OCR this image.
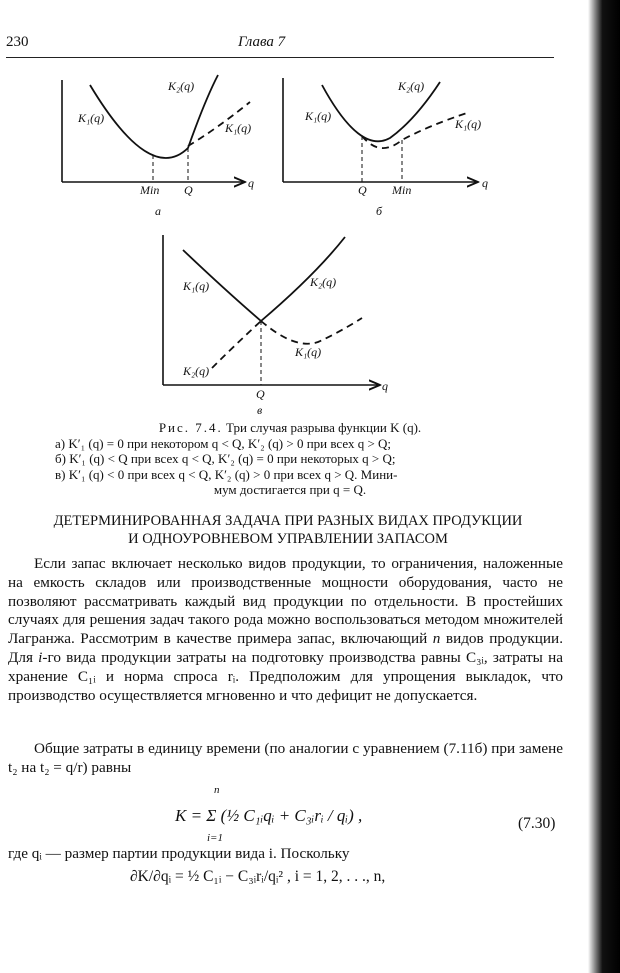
230	Глава 7
K₂(q)
K₁(q)
K₁(q)
Min Q	q
а
K₂(q)
K₁(q)
K₁(q)
Q Min	q
б
K₁(q)	K₂(q)
K₁(q)
K₂(q)
Q
q
в
Рис. 7.4. Три случая разрыва функции K (q).
а) K′₁ (q) = 0 при некотором q < Q, K′₂ (q) > 0 при всех q > Q;
б) K′₁ (q) < Q при всех q < Q, K′₂ (q) = 0 при некоторых q > Q;
в) K′₁ (q) < 0 при всех q < Q, K′₂ (q) > 0 при всех q > Q. Мини-
мум достигается при q = Q.
ДЕТЕРМИНИРОВАННАЯ ЗАДАЧА ПРИ РАЗНЫХ ВИДАХ ПРОДУКЦИИ
И ОДНОУРОВНЕВОМ УПРАВЛЕНИИ ЗАПАСОМ
Если запас включает несколько видов продукции, то ограничения, наложенные на емкость складов или производственные мощности оборудования, часто не позволяют рассматривать каждый вид продукции по отдельности. В простейших случаях для решения задач такого рода можно воспользоваться методом множителей Лагранжа. Рассмотрим в качестве примера запас, включающий n видов продукции. Для i-го вида продукции затраты на подготовку производства равны C₃ᵢ, затраты на хранение C₁ᵢ и норма спроса rᵢ. Предположим для упрощения выкладок, что производство осуществляется мгновенно и что дефицит не допускается.
Общие затраты в единицу времени (по аналогии с уравнением (7.11б) при замене t₂ на t₂ = q/r) равны
n
K = Σ (½ C₁ᵢqᵢ + C₃ᵢrᵢ / qᵢ) ,
i=1
(7.30)
где qᵢ — размер партии продукции вида i. Поскольку
∂K/∂qᵢ = ½ C₁ᵢ − C₃ᵢrᵢ/qᵢ² , i = 1, 2, . . ., n,
